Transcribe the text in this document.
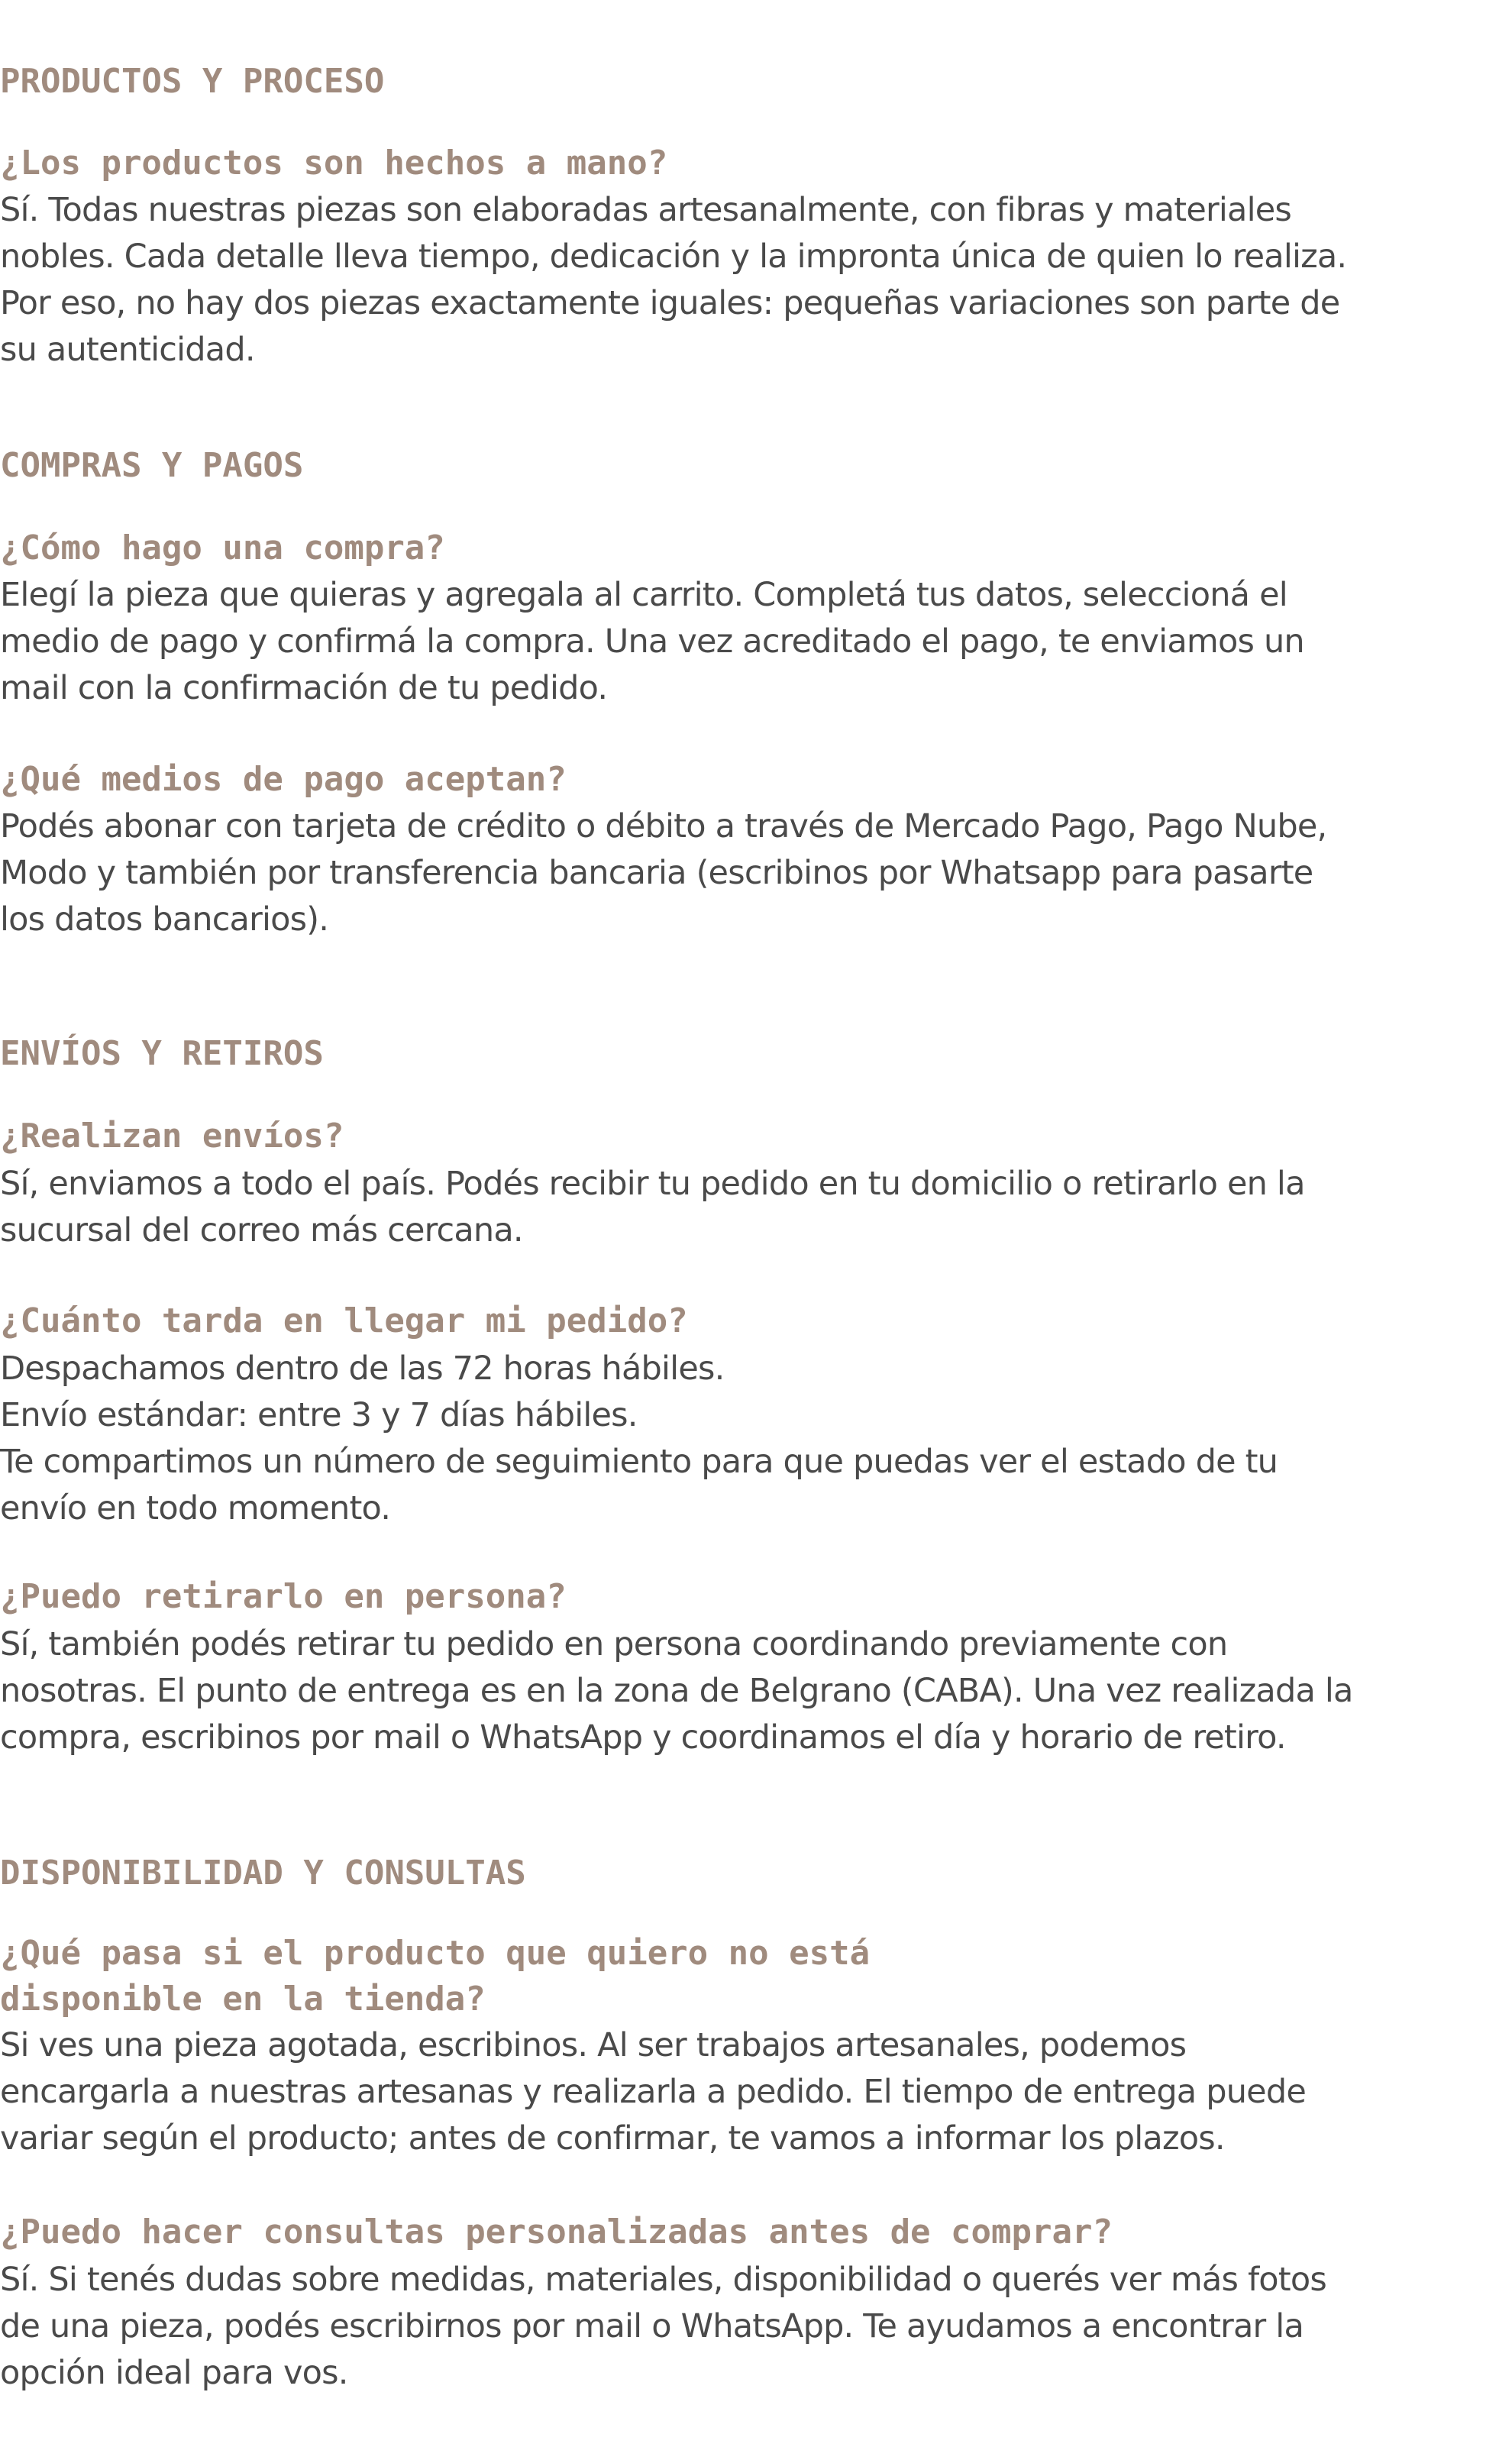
PRODUCTOS Y PROCESO
¿Los productos son hechos a mano?

Sí. Todas nuestras piezas son elaboradas artesanalmente, con fibras y materiales
nobles. Cada detalle lleva tiempo, dedicación y la impronta única de quien lo realiza.
Por eso, no hay dos piezas exactamente iguales: pequeñas variaciones son parte de
su autenticidad.

COMPRAS Y PAGOS
¿Cómo hago una compra?

Elegí la pieza que quieras y agregala al carrito. Completá tus datos, seleccioná el
medio de pago y confirmá la compra. Una vez acreditado el pago, te enviamos un
mail con la confirmación de tu pedido.

¿Qué medios de pago aceptan?

Podés abonar con tarjeta de crédito o débito a través de Mercado Pago, Pago Nube,
Modo y también por transferencia bancaria (escribinos por Whatsapp para pasarte
los datos bancarios).

ENVÍOS Y RETIROS
¿Realizan envíos?

Sí, enviamos a todo el país. Podés recibir tu pedido en tu domicilio o retirarlo en la
sucursal del correo más cercana.

¿Cuánto tarda en llegar mi pedido?

Despachamos dentro de las 72 horas hábiles.
Envío estándar: entre 3 y 7 días hábiles.
Te compartimos un número de seguimiento para que puedas ver el estado de tu
envío en todo momento.

¿Puedo retirarlo en persona?

Sí, también podés retirar tu pedido en persona coordinando previamente con
nosotras. El punto de entrega es en la zona de Belgrano (CABA). Una vez realizada la
compra, escribinos por mail o WhatsApp y coordinamos el día y horario de retiro.

DISPONIBILIDAD Y CONSULTAS
¿Qué pasa si el producto que quiero no está
disponible en la tienda?

Si ves una pieza agotada, escribinos. Al ser trabajos artesanales, podemos
encargarla a nuestras artesanas y realizarla a pedido. El tiempo de entrega puede
variar según el producto; antes de confirmar, te vamos a informar los plazos.

¿Puedo hacer consultas personalizadas antes de comprar?

Sí. Si tenés dudas sobre medidas, materiales, disponibilidad o querés ver más fotos
de una pieza, podés escribirnos por mail o WhatsApp. Te ayudamos a encontrar la
opción ideal para vos.
